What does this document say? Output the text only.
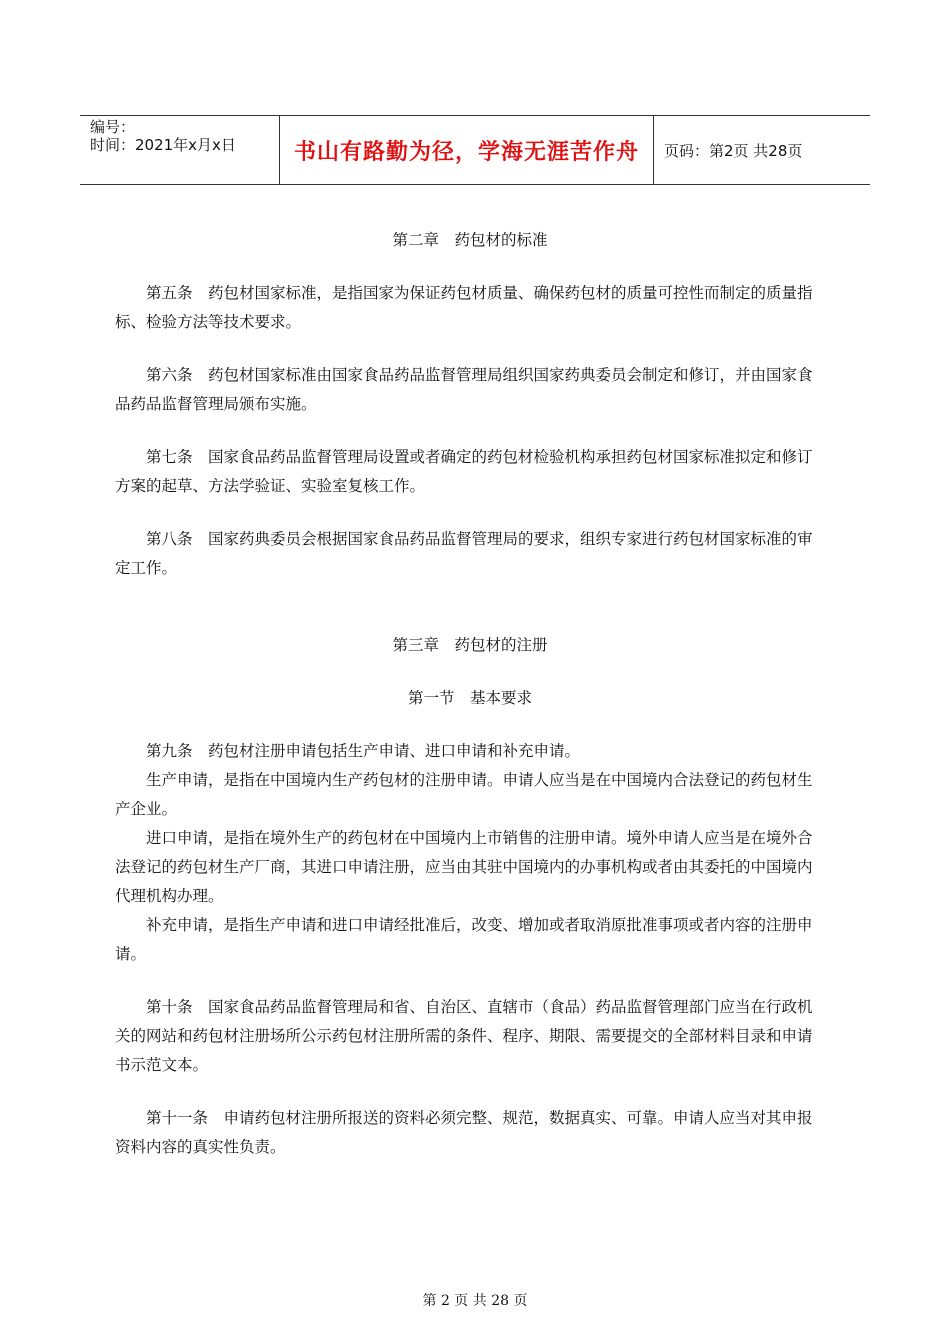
编号：
时间：2021年x月x日	书山有路勤为径，学海无涯苦作舟	页码：第2页 共28页

第二章　药包材的标准

第五条　药包材国家标准，是指国家为保证药包材质量、确保药包材的质量可控性而制定的质量指标、检验方法等技术要求。

第六条　药包材国家标准由国家食品药品监督管理局组织国家药典委员会制定和修订，并由国家食品药品监督管理局颁布实施。

第七条　国家食品药品监督管理局设置或者确定的药包材检验机构承担药包材国家标准拟定和修订方案的起草、方法学验证、实验室复核工作。

第八条　国家药典委员会根据国家食品药品监督管理局的要求，组织专家进行药包材国家标准的审定工作。

第三章　药包材的注册

第一节　基本要求

第九条　药包材注册申请包括生产申请、进口申请和补充申请。

生产申请，是指在中国境内生产药包材的注册申请。申请人应当是在中国境内合法登记的药包材生产企业。

进口申请，是指在境外生产的药包材在中国境内上市销售的注册申请。境外申请人应当是在境外合法登记的药包材生产厂商，其进口申请注册，应当由其驻中国境内的办事机构或者由其委托的中国境内代理机构办理。

补充申请，是指生产申请和进口申请经批准后，改变、增加或者取消原批准事项或者内容的注册申请。

第十条　国家食品药品监督管理局和省、自治区、直辖市（食品）药品监督管理部门应当在行政机关的网站和药包材注册场所公示药包材注册所需的条件、程序、期限、需要提交的全部材料目录和申请书示范文本。

第十一条　申请药包材注册所报送的资料必须完整、规范，数据真实、可靠。申请人应当对其申报资料内容的真实性负责。

第 2 页 共 28 页
